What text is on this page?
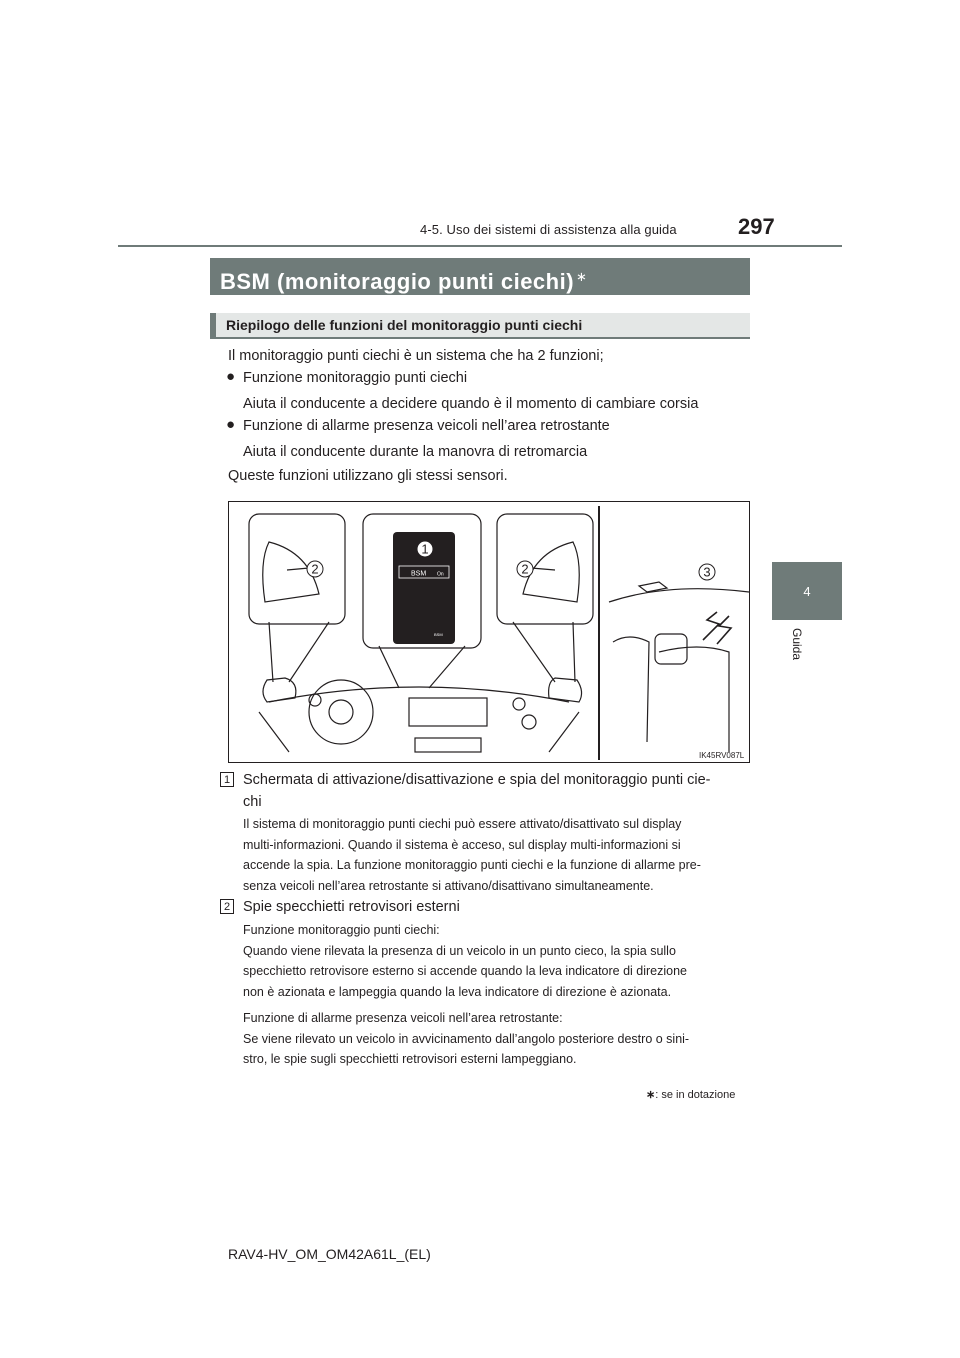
4-5. Uso dei sistemi di assistenza alla guida	297
4
Guida
BSM (monitoraggio punti ciechi) ∗
Riepilogo delle funzioni del monitoraggio punti ciechi
Il monitoraggio punti ciechi è un sistema che ha 2 funzioni;
● Funzione monitoraggio punti ciechi
Aiuta il conducente a decidere quando è il momento di cambiare corsia
● Funzione di allarme presenza veicoli nell’area retrostante
Aiuta il conducente durante la manovra di retromarcia
Queste funzioni utilizzano gli stessi sensori.
BSM On
BSM
1
2	2	3
IK45RV087L
1 Schermata di attivazione/disattivazione e spia del monitoraggio punti cie-
chi
Il sistema di monitoraggio punti ciechi può essere attivato/disattivato sul display
multi-informazioni. Quando il sistema è acceso, sul display multi-informazioni si
accende la spia. La funzione monitoraggio punti ciechi e la funzione di allarme pre-
senza veicoli nell’area retrostante si attivano/disattivano simultaneamente.
2 Spie specchietti retrovisori esterni
Funzione monitoraggio punti ciechi:
Quando viene rilevata la presenza di un veicolo in un punto cieco, la spia sullo
specchietto retrovisore esterno si accende quando la leva indicatore di direzione
non è azionata e lampeggia quando la leva indicatore di direzione è azionata.
Funzione di allarme presenza veicoli nell’area retrostante:
Se viene rilevato un veicolo in avvicinamento dall’angolo posteriore destro o sini-
stro, le spie sugli specchietti retrovisori esterni lampeggiano.
∗: se in dotazione
RAV4-HV_OM_OM42A61L_(EL)
